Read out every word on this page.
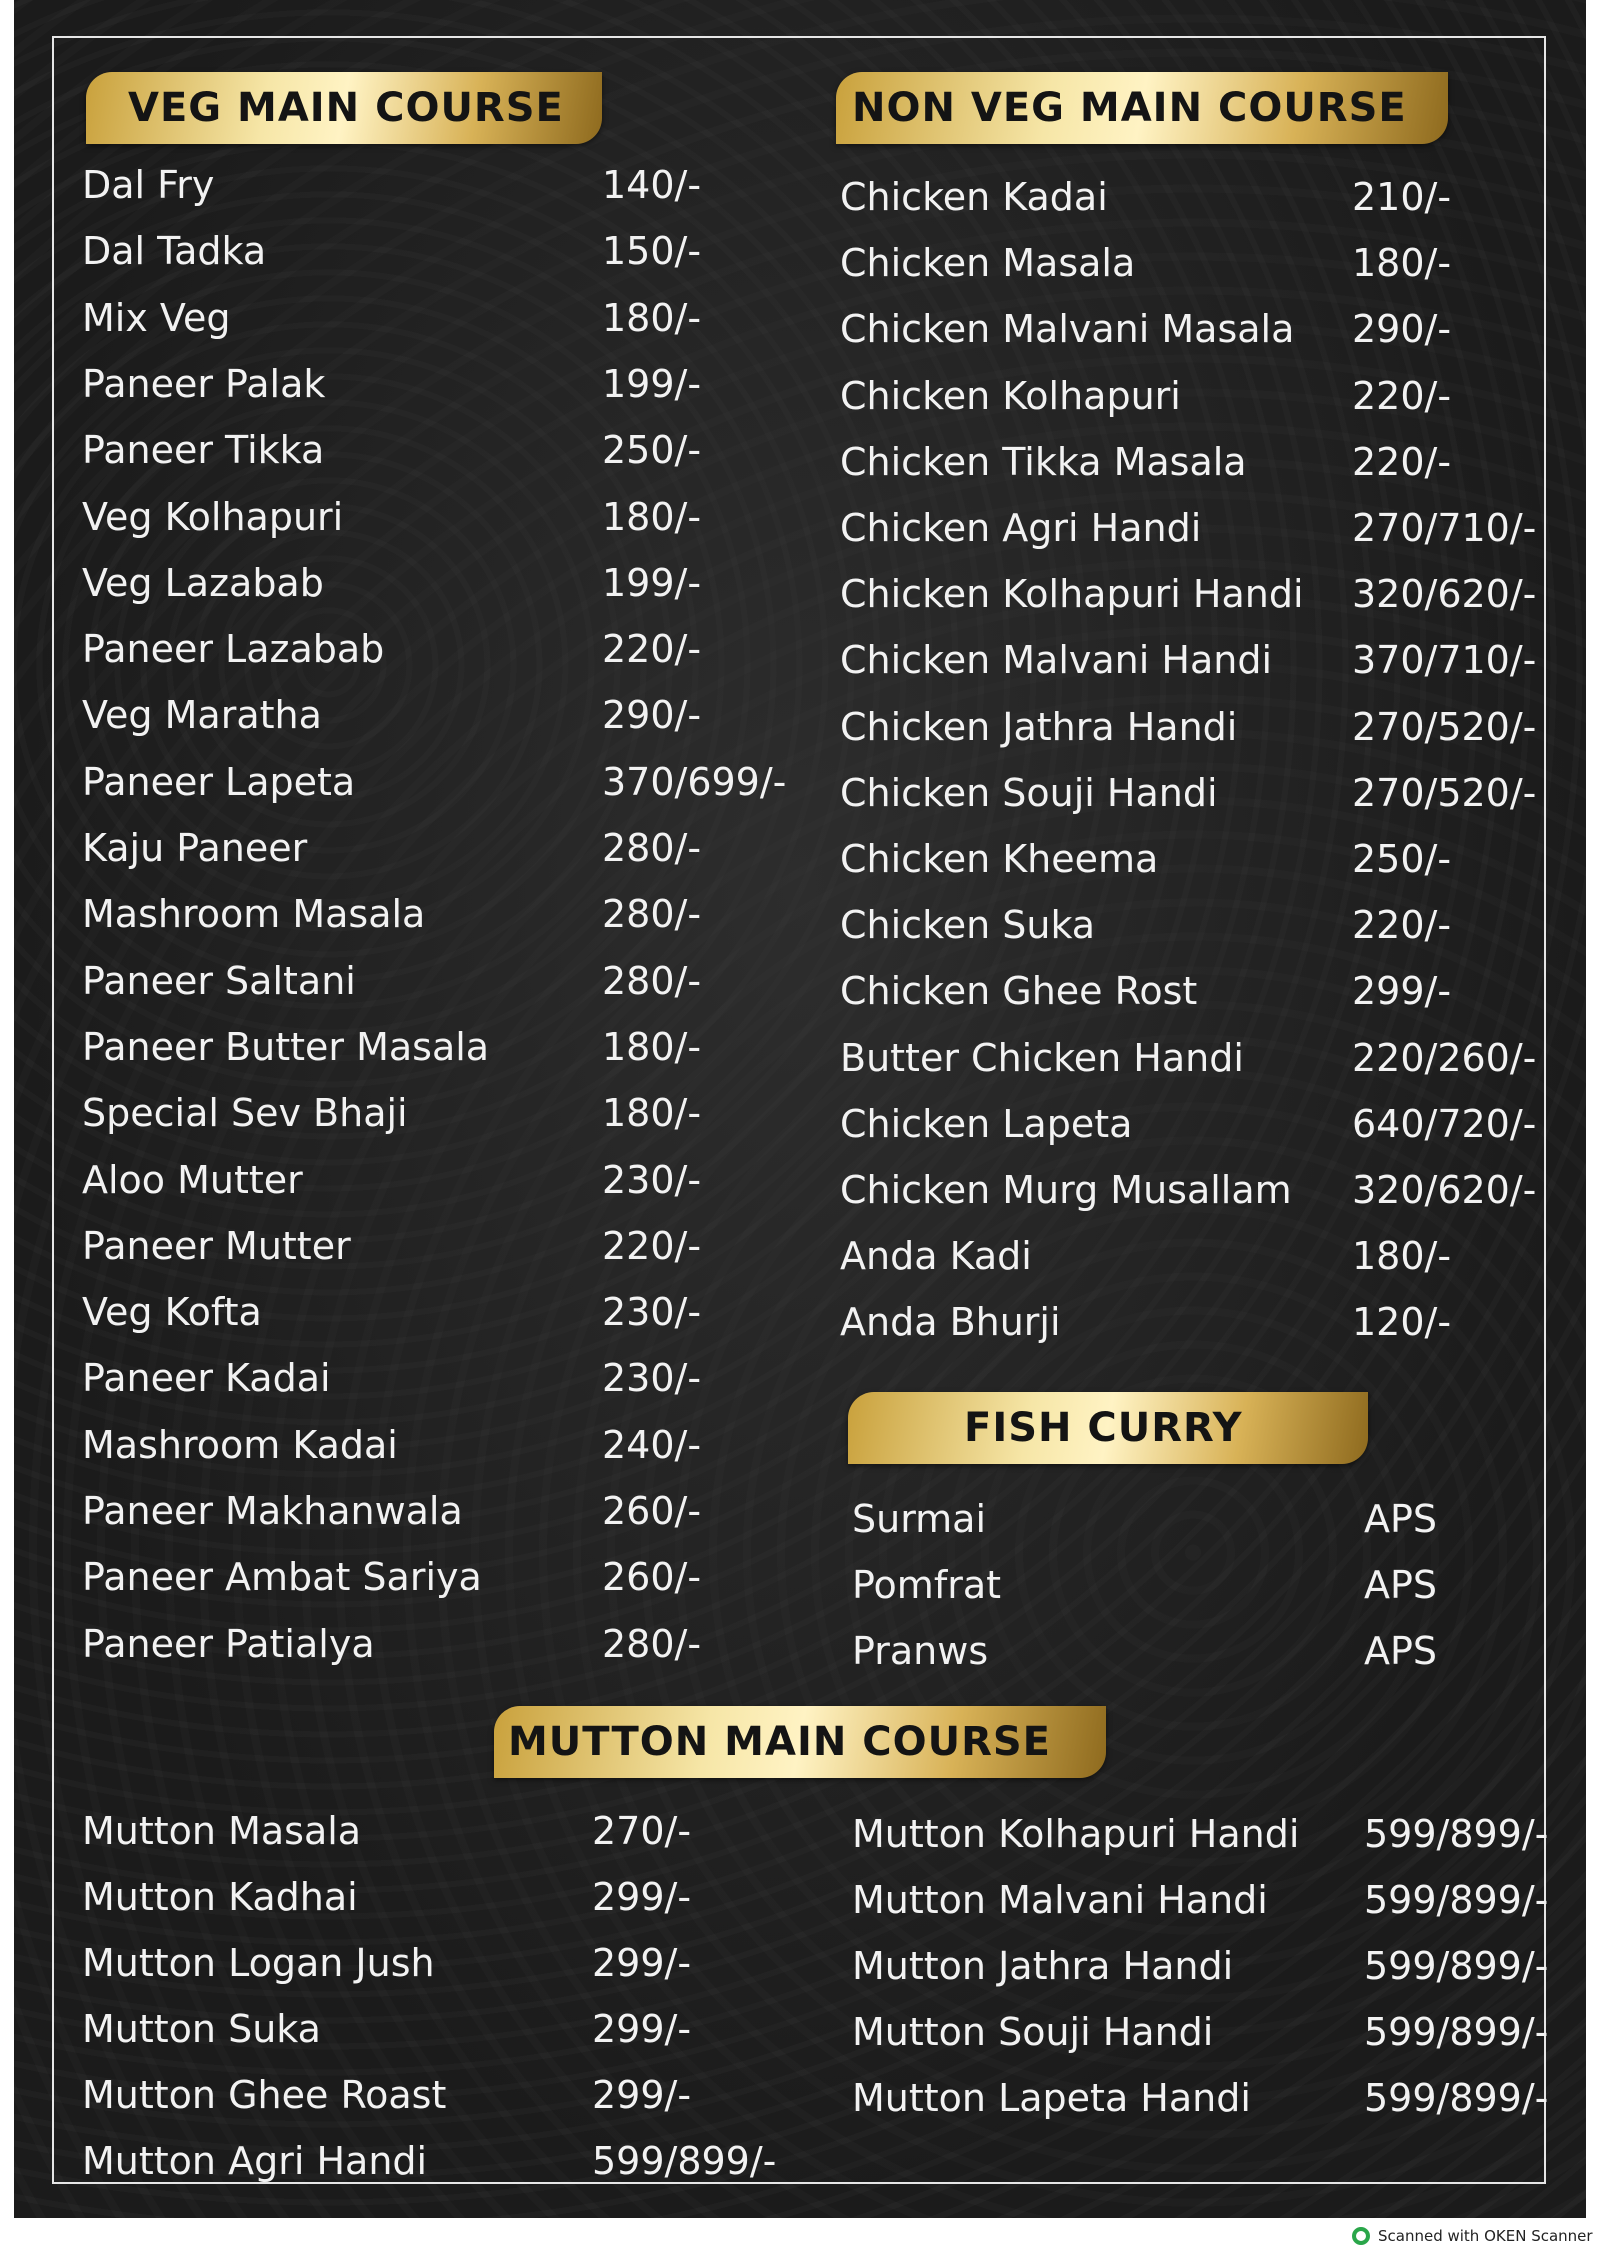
VEG MAIN COURSE	NON VEG MAIN COURSE
FISH CURRY
MUTTON MAIN COURSE
Dal Fry	140/-
Dal Tadka	150/-
Mix Veg	180/-
Paneer Palak	199/-
Paneer Tikka	250/-
Veg Kolhapuri	180/-
Veg Lazabab	199/-
Paneer Lazabab	220/-
Veg Maratha	290/-
Paneer Lapeta	370/699/-
Kaju Paneer	280/-
Mashroom Masala	280/-
Paneer Saltani	280/-
Paneer Butter Masala	180/-
Special Sev Bhaji	180/-
Aloo Mutter	230/-
Paneer Mutter	220/-
Veg Kofta	230/-
Paneer Kadai	230/-
Mashroom Kadai	240/-
Paneer Makhanwala	260/-
Paneer Ambat Sariya	260/-
Paneer Patialya	280/-
Chicken Kadai	210/-
Chicken Masala	180/-
Chicken Malvani Masala 290/-
Chicken Kolhapuri	220/-
Chicken Tikka Masala	220/-
Chicken Agri Handi	270/710/-
Chicken Kolhapuri Handi 320/620/-
Chicken Malvani Handi 370/710/-
Chicken Jathra Handi	270/520/-
Chicken Souji Handi	270/520/-
Chicken Kheema	250/-
Chicken Suka	220/-
Chicken Ghee Rost	299/-
Butter Chicken Handi	220/260/-
Chicken Lapeta	640/720/-
Chicken Murg Musallam 320/620/-
Anda Kadi	180/-
Anda Bhurji	120/-
Surmai	APS
Pomfrat	APS
Pranws	APS
Mutton Masala	270/-
Mutton Kadhai	299/-
Mutton Logan Jush	299/-
Mutton Suka	299/-
Mutton Ghee Roast	299/-
Mutton Agri Handi	599/899/-
Mutton Kolhapuri Handi 599/899/-
Mutton Malvani Handi	599/899/-
Mutton Jathra Handi	599/899/-
Mutton Souji Handi	599/899/-
Mutton Lapeta Handi	599/899/-
Scanned with OKEN Scanner
